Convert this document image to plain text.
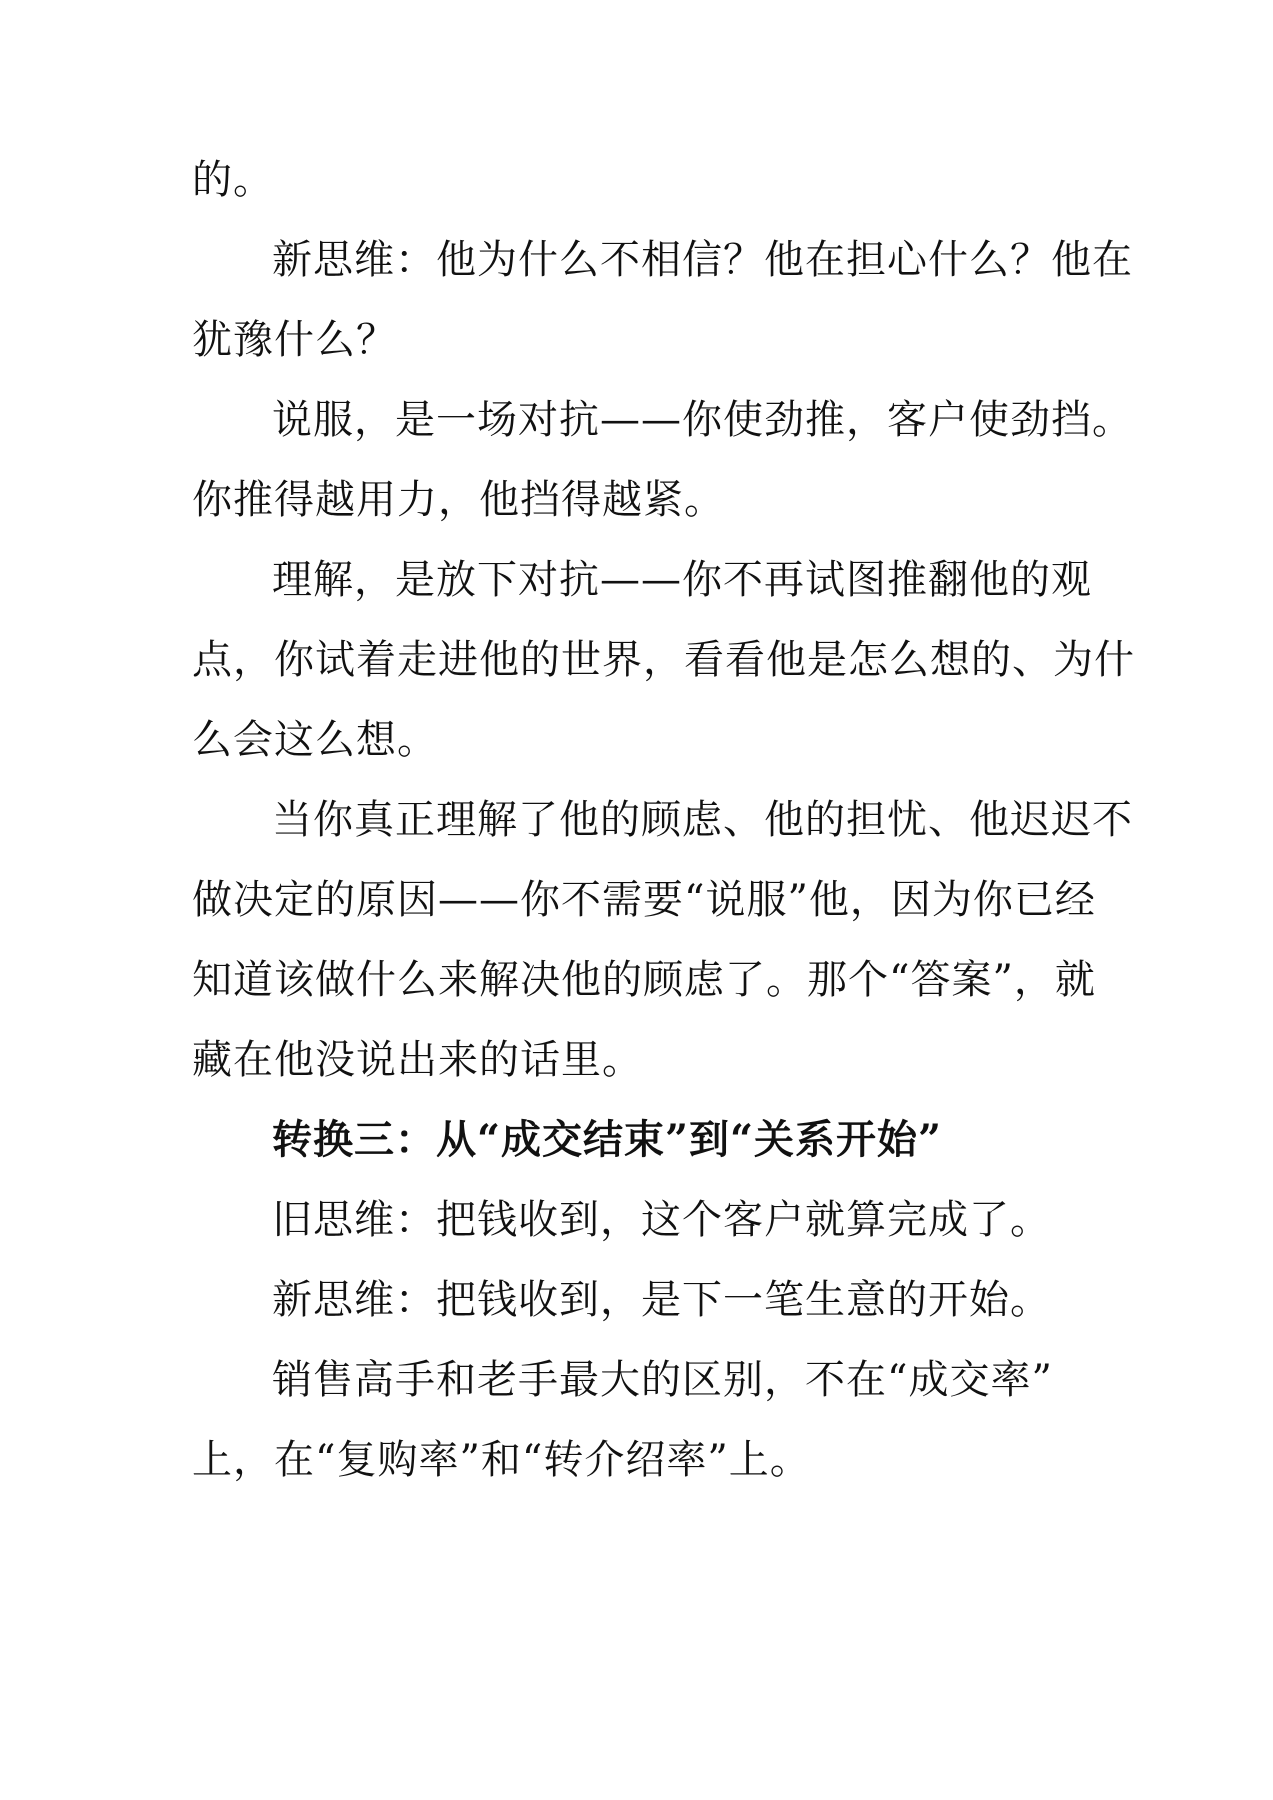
的。
新思维：他为什么不相信？他在担心什么？他在
犹豫什么？
说服，是一场对抗——你使劲推，客户使劲挡。
你推得越用力，他挡得越紧。
理解，是放下对抗——你不再试图推翻他的观
点，你试着走进他的世界，看看他是怎么想的、为什
么会这么想。
当你真正理解了他的顾虑、他的担忧、他迟迟不
做决定的原因——你不需要“说服”他，因为你已经
知道该做什么来解决他的顾虑了。那个“答案”，就
藏在他没说出来的话里。
转换三：从“成交结束”到“关系开始”
旧思维：把钱收到，这个客户就算完成了。
新思维：把钱收到，是下一笔生意的开始。
销售高手和老手最大的区别，不在“成交率”
上，在“复购率”和“转介绍率”上。
